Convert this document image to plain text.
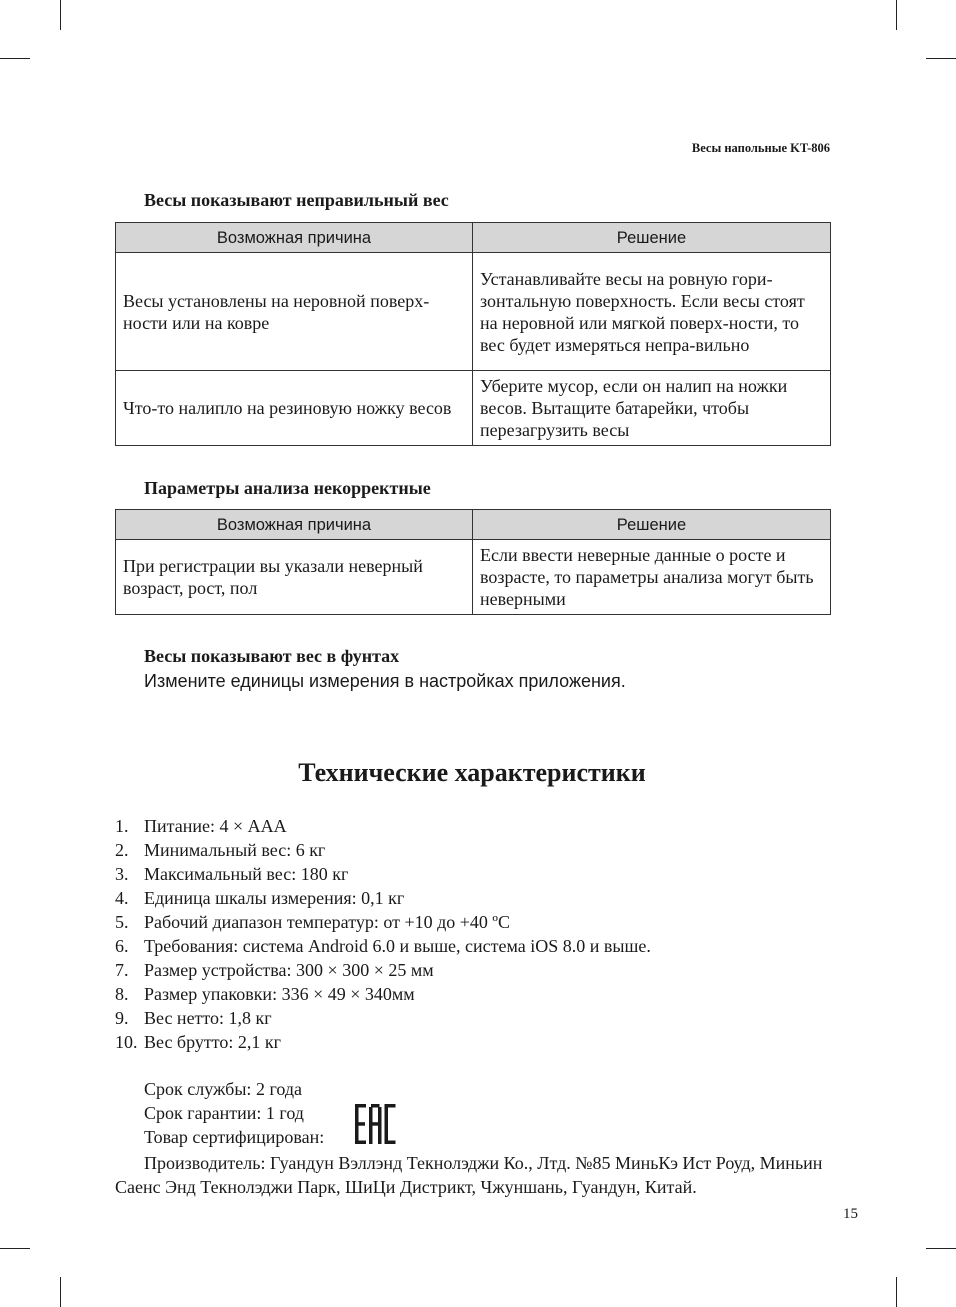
Весы напольные KT-806
Весы показывают неправильный вес
Возможная причина	Решение
Весы установлены на неровной поверх-ности или на ковре	Устанавливайте весы на ровную гори-зонтальную поверхность. Если весы стоят на неровной или мягкой поверх-ности, то вес будет измеряться непра-вильно
Что-то налипло на резиновую ножку весов	Уберите мусор, если он налип на ножки весов. Вытащите батарейки, чтобы перезагрузить весы
Параметры анализа некорректные
Возможная причина	Решение
При регистрации вы указали неверный возраст, рост, пол	Если ввести неверные данные о росте и возрасте, то параметры анализа могут быть неверными
Весы показывают вес в фунтах
Измените единицы измерения в настройках приложения.
Технические характеристики
1. Питание: 4 × AAA
2. Минимальный вес: 6 кг
3. Максимальный вес: 180 кг
4. Единица шкалы измерения: 0,1 кг
5. Рабочий диапазон температур: от +10 до +40 ºC
6. Требования: система Android 6.0 и выше, система iOS 8.0 и выше.
7. Размер устройства: 300 × 300 × 25 мм
8. Размер упаковки: 336 × 49 × 340мм
9. Вес нетто: 1,8 кг
10. Вес брутто: 2,1 кг
Срок службы: 2 года
Срок гарантии: 1 год
Товар сертифицирован:

Производитель: Гуандун Вэллэнд Текнолэджи Ко., Лтд. №85 МиньКэ Ист Роуд, Миньин Саенс Энд Текнолэджи Парк, ШиЦи Дистрикт, Чжуншань, Гуандун, Китай.

15
